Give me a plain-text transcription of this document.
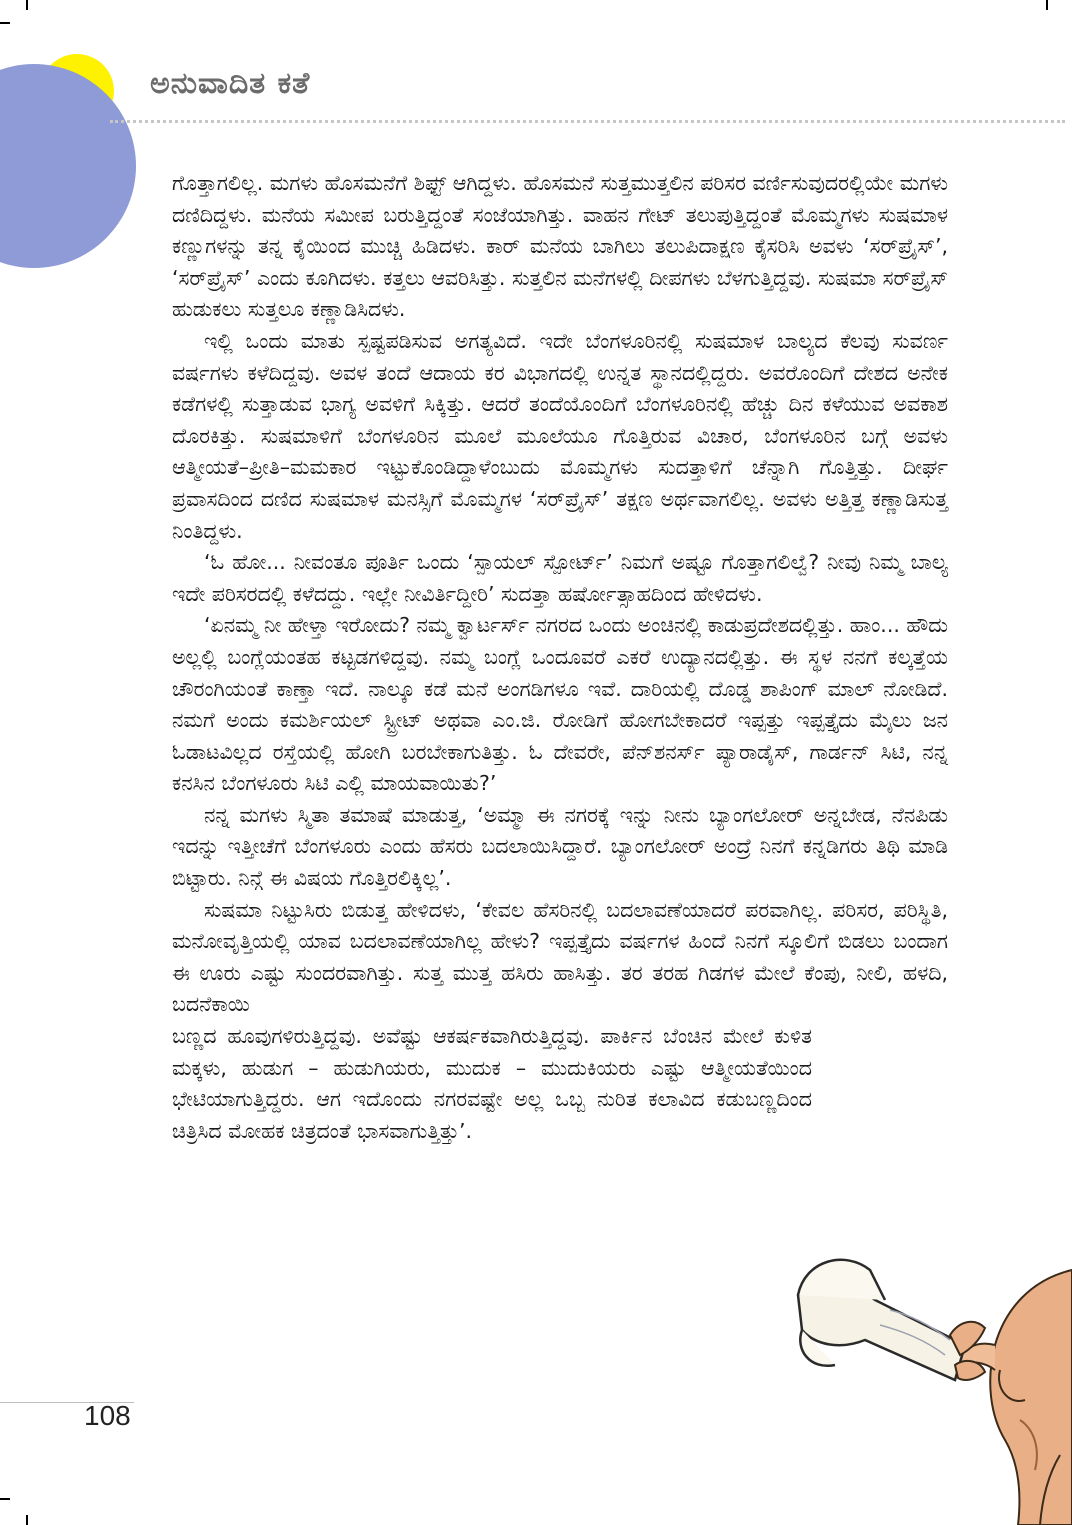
ಅನುವಾದಿತ ಕತೆ

ಗೊತ್ತಾಗಲಿಲ್ಲ. ಮಗಳು ಹೊಸಮನೆಗೆ ಶಿಫ್ಟ್ ಆಗಿದ್ದಳು. ಹೊಸಮನೆ ಸುತ್ತಮುತ್ತಲಿನ ಪರಿಸರ ವರ್ಣಿಸುವುದರಲ್ಲಿಯೇ ಮಗಳು ದಣಿದಿದ್ದಳು. ಮನೆಯ ಸಮೀಪ ಬರುತ್ತಿದ್ದಂತೆ ಸಂಜೆಯಾಗಿತ್ತು. ವಾಹನ ಗೇಟ್ ತಲುಪುತ್ತಿದ್ದಂತೆ ಮೊಮ್ಮಗಳು ಸುಷಮಾಳ ಕಣ್ಣುಗಳನ್ನು ತನ್ನ ಕೈಯಿಂದ ಮುಚ್ಚಿ ಹಿಡಿದಳು. ಕಾರ್ ಮನೆಯ ಬಾಗಿಲು ತಲುಪಿದಾಕ್ಷಣ ಕೈಸರಿಸಿ ಅವಳು ‘ಸರ್‌ಪ್ರೈಸ್’, ‘ಸರ್‌ಪ್ರೈಸ್’ ಎಂದು ಕೂಗಿದಳು. ಕತ್ತಲು ಆವರಿಸಿತ್ತು. ಸುತ್ತಲಿನ ಮನೆಗಳಲ್ಲಿ ದೀಪಗಳು ಬೆಳಗುತ್ತಿದ್ದವು. ಸುಷಮಾ ಸರ್‌ಪ್ರೈಸ್ ಹುಡುಕಲು ಸುತ್ತಲೂ ಕಣ್ಣಾಡಿಸಿದಳು.

ಇಲ್ಲಿ ಒಂದು ಮಾತು ಸ್ಪಷ್ಟಪಡಿಸುವ ಅಗತ್ಯವಿದೆ. ಇದೇ ಬೆಂಗಳೂರಿನಲ್ಲಿ ಸುಷಮಾಳ ಬಾಲ್ಯದ ಕೆಲವು ಸುವರ್ಣ ವರ್ಷಗಳು ಕಳೆದಿದ್ದವು. ಅವಳ ತಂದೆ ಆದಾಯ ಕರ ವಿಭಾಗದಲ್ಲಿ ಉನ್ನತ ಸ್ಥಾನದಲ್ಲಿದ್ದರು. ಅವರೊಂದಿಗೆ ದೇಶದ ಅನೇಕ ಕಡೆಗಳಲ್ಲಿ ಸುತ್ತಾಡುವ ಭಾಗ್ಯ ಅವಳಿಗೆ ಸಿಕ್ಕಿತ್ತು. ಆದರೆ ತಂದೆಯೊಂದಿಗೆ ಬೆಂಗಳೂರಿನಲ್ಲಿ ಹೆಚ್ಚು ದಿನ ಕಳೆಯುವ ಅವಕಾಶ ದೊರಕಿತ್ತು. ಸುಷಮಾಳಿಗೆ ಬೆಂಗಳೂರಿನ ಮೂಲೆ ಮೂಲೆಯೂ ಗೊತ್ತಿರುವ ವಿಚಾರ, ಬೆಂಗಳೂರಿನ ಬಗ್ಗೆ ಅವಳು ಆತ್ಮೀಯತೆ–ಪ್ರೀತಿ–ಮಮಕಾರ ಇಟ್ಟುಕೊಂಡಿದ್ದಾಳೆಂಬುದು ಮೊಮ್ಮಗಳು ಸುದತ್ತಾಳಿಗೆ ಚೆನ್ನಾಗಿ ಗೊತ್ತಿತ್ತು. ದೀರ್ಘ ಪ್ರವಾಸದಿಂದ ದಣಿದ ಸುಷಮಾಳ ಮನಸ್ಸಿಗೆ ಮೊಮ್ಮಗಳ ‘ಸರ್‌ಪ್ರೈಸ್’ ತಕ್ಷಣ ಅರ್ಥವಾಗಲಿಲ್ಲ. ಅವಳು ಅತ್ತಿತ್ತ ಕಣ್ಣಾಡಿಸುತ್ತ ನಿಂತಿದ್ದಳು.

‘ಓ ಹೋ... ನೀವಂತೂ ಪೂರ್ತಿ ಒಂದು ‘ಸ್ಪಾಯಲ್ ಸ್ಪೋರ್ಟ್’ ನಿಮಗೆ ಅಷ್ಟೂ ಗೊತ್ತಾಗಲಿಲ್ವೆ? ನೀವು ನಿಮ್ಮ ಬಾಲ್ಯ ಇದೇ ಪರಿಸರದಲ್ಲಿ ಕಳೆದದ್ದು. ಇಲ್ಲೇ ನೀವಿರ್ತಿದ್ದೀರಿ’ ಸುದತ್ತಾ ಹರ್ಷೋತ್ಸಾಹದಿಂದ ಹೇಳಿದಳು.

‘ಏನಮ್ಮ ನೀ ಹೇಳ್ತಾ ಇರೋದು? ನಮ್ಮ ಕ್ವಾರ್ಟರ್ಸ್ ನಗರದ ಒಂದು ಅಂಚಿನಲ್ಲಿ ಕಾಡುಪ್ರದೇಶದಲ್ಲಿತ್ತು. ಹಾಂ... ಹೌದು ಅಲ್ಲಲ್ಲಿ ಬಂಗ್ಲೆಯಂತಹ ಕಟ್ಟಡಗಳಿದ್ದವು. ನಮ್ಮ ಬಂಗ್ಲೆ ಒಂದೂವರೆ ಎಕರೆ ಉದ್ಯಾನದಲ್ಲಿತ್ತು. ಈ ಸ್ಥಳ ನನಗೆ ಕಲ್ಕತ್ತೆಯ ಚೌರಂಗಿಯಂತೆ ಕಾಣ್ತಾ ಇದೆ. ನಾಲ್ಕೂ ಕಡೆ ಮನೆ ಅಂಗಡಿಗಳೂ ಇವೆ. ದಾರಿಯಲ್ಲಿ ದೊಡ್ಡ ಶಾಪಿಂಗ್ ಮಾಲ್ ನೋಡಿದೆ. ನಮಗೆ ಅಂದು ಕಮರ್ಶಿಯಲ್ ಸ್ಟ್ರೀಟ್ ಅಥವಾ ಎಂ.ಜಿ. ರೋಡಿಗೆ ಹೋಗಬೇಕಾದರೆ ಇಪ್ಪತ್ತು ಇಪ್ಪತ್ತೈದು ಮೈಲು ಜನ ಓಡಾಟವಿಲ್ಲದ ರಸ್ತೆಯಲ್ಲಿ ಹೋಗಿ ಬರಬೇಕಾಗುತಿತ್ತು. ಓ ದೇವರೇ, ಪೆನ್‌ಶನರ್ಸ್ ಪ್ಯಾರಾಡೈಸ್, ಗಾರ್ಡನ್ ಸಿಟಿ, ನನ್ನ ಕನಸಿನ ಬೆಂಗಳೂರು ಸಿಟಿ ಎಲ್ಲಿ ಮಾಯವಾಯಿತು?’

ನನ್ನ ಮಗಳು ಸ್ಮಿತಾ ತಮಾಷೆ ಮಾಡುತ್ತ, ‘ಅಮ್ಮಾ ಈ ನಗರಕ್ಕೆ ಇನ್ನು ನೀನು ಬ್ಯಾಂಗಲೋರ್ ಅನ್ನಬೇಡ, ನೆನಪಿಡು ಇದನ್ನು ಇತ್ತೀಚೆಗೆ ಬೆಂಗಳೂರು ಎಂದು ಹೆಸರು ಬದಲಾಯಿಸಿದ್ದಾರೆ. ಬ್ಯಾಂಗಲೋರ್ ಅಂದ್ರೆ ನಿನಗೆ ಕನ್ನಡಿಗರು ತಿಥಿ ಮಾಡಿ ಬಿಟ್ಟಾರು. ನಿನ್ಗೆ ಈ ವಿಷಯ ಗೊತ್ತಿರಲಿಕ್ಕಿಲ್ಲ’.

ಸುಷಮಾ ನಿಟ್ಟುಸಿರು ಬಿಡುತ್ತ ಹೇಳಿದಳು, ‘ಕೇವಲ ಹೆಸರಿನಲ್ಲಿ ಬದಲಾವಣೆಯಾದರೆ ಪರವಾಗಿಲ್ಲ. ಪರಿಸರ, ಪರಿಸ್ಥಿತಿ, ಮನೋವೃತ್ತಿಯಲ್ಲಿ ಯಾವ ಬದಲಾವಣೆಯಾಗಿಲ್ಲ ಹೇಳು? ಇಪ್ಪತ್ತೈದು ವರ್ಷಗಳ ಹಿಂದೆ ನಿನಗೆ ಸ್ಕೂಲಿಗೆ ಬಿಡಲು ಬಂದಾಗ ಈ ಊರು ಎಷ್ಟು ಸುಂದರವಾಗಿತ್ತು. ಸುತ್ತ ಮುತ್ತ ಹಸಿರು ಹಾಸಿತ್ತು. ತರ ತರಹ ಗಿಡಗಳ ಮೇಲೆ ಕೆಂಪು, ನೀಲಿ, ಹಳದಿ, ಬದನೆಕಾಯಿ

ಬಣ್ಣದ ಹೂವುಗಳಿರುತ್ತಿದ್ದವು. ಅವೆಷ್ಟು ಆಕರ್ಷಕವಾಗಿರುತ್ತಿದ್ದವು. ಪಾರ್ಕಿನ ಬೆಂಚಿನ ಮೇಲೆ ಕುಳಿತ ಮಕ್ಕಳು, ಹುಡುಗ – ಹುಡುಗಿಯರು, ಮುದುಕ – ಮುದುಕಿಯರು ಎಷ್ಟು ಆತ್ಮೀಯತೆಯಿಂದ ಭೇಟಿಯಾಗುತ್ತಿದ್ದರು. ಆಗ ಇದೊಂದು ನಗರವಷ್ಟೇ ಅಲ್ಲ ಒಬ್ಬ ನುರಿತ ಕಲಾವಿದ ಕಡುಬಣ್ಣದಿಂದ ಚಿತ್ರಿಸಿದ ಮೋಹಕ ಚಿತ್ರದಂತೆ ಭಾಸವಾಗುತ್ತಿತ್ತು’.

108
